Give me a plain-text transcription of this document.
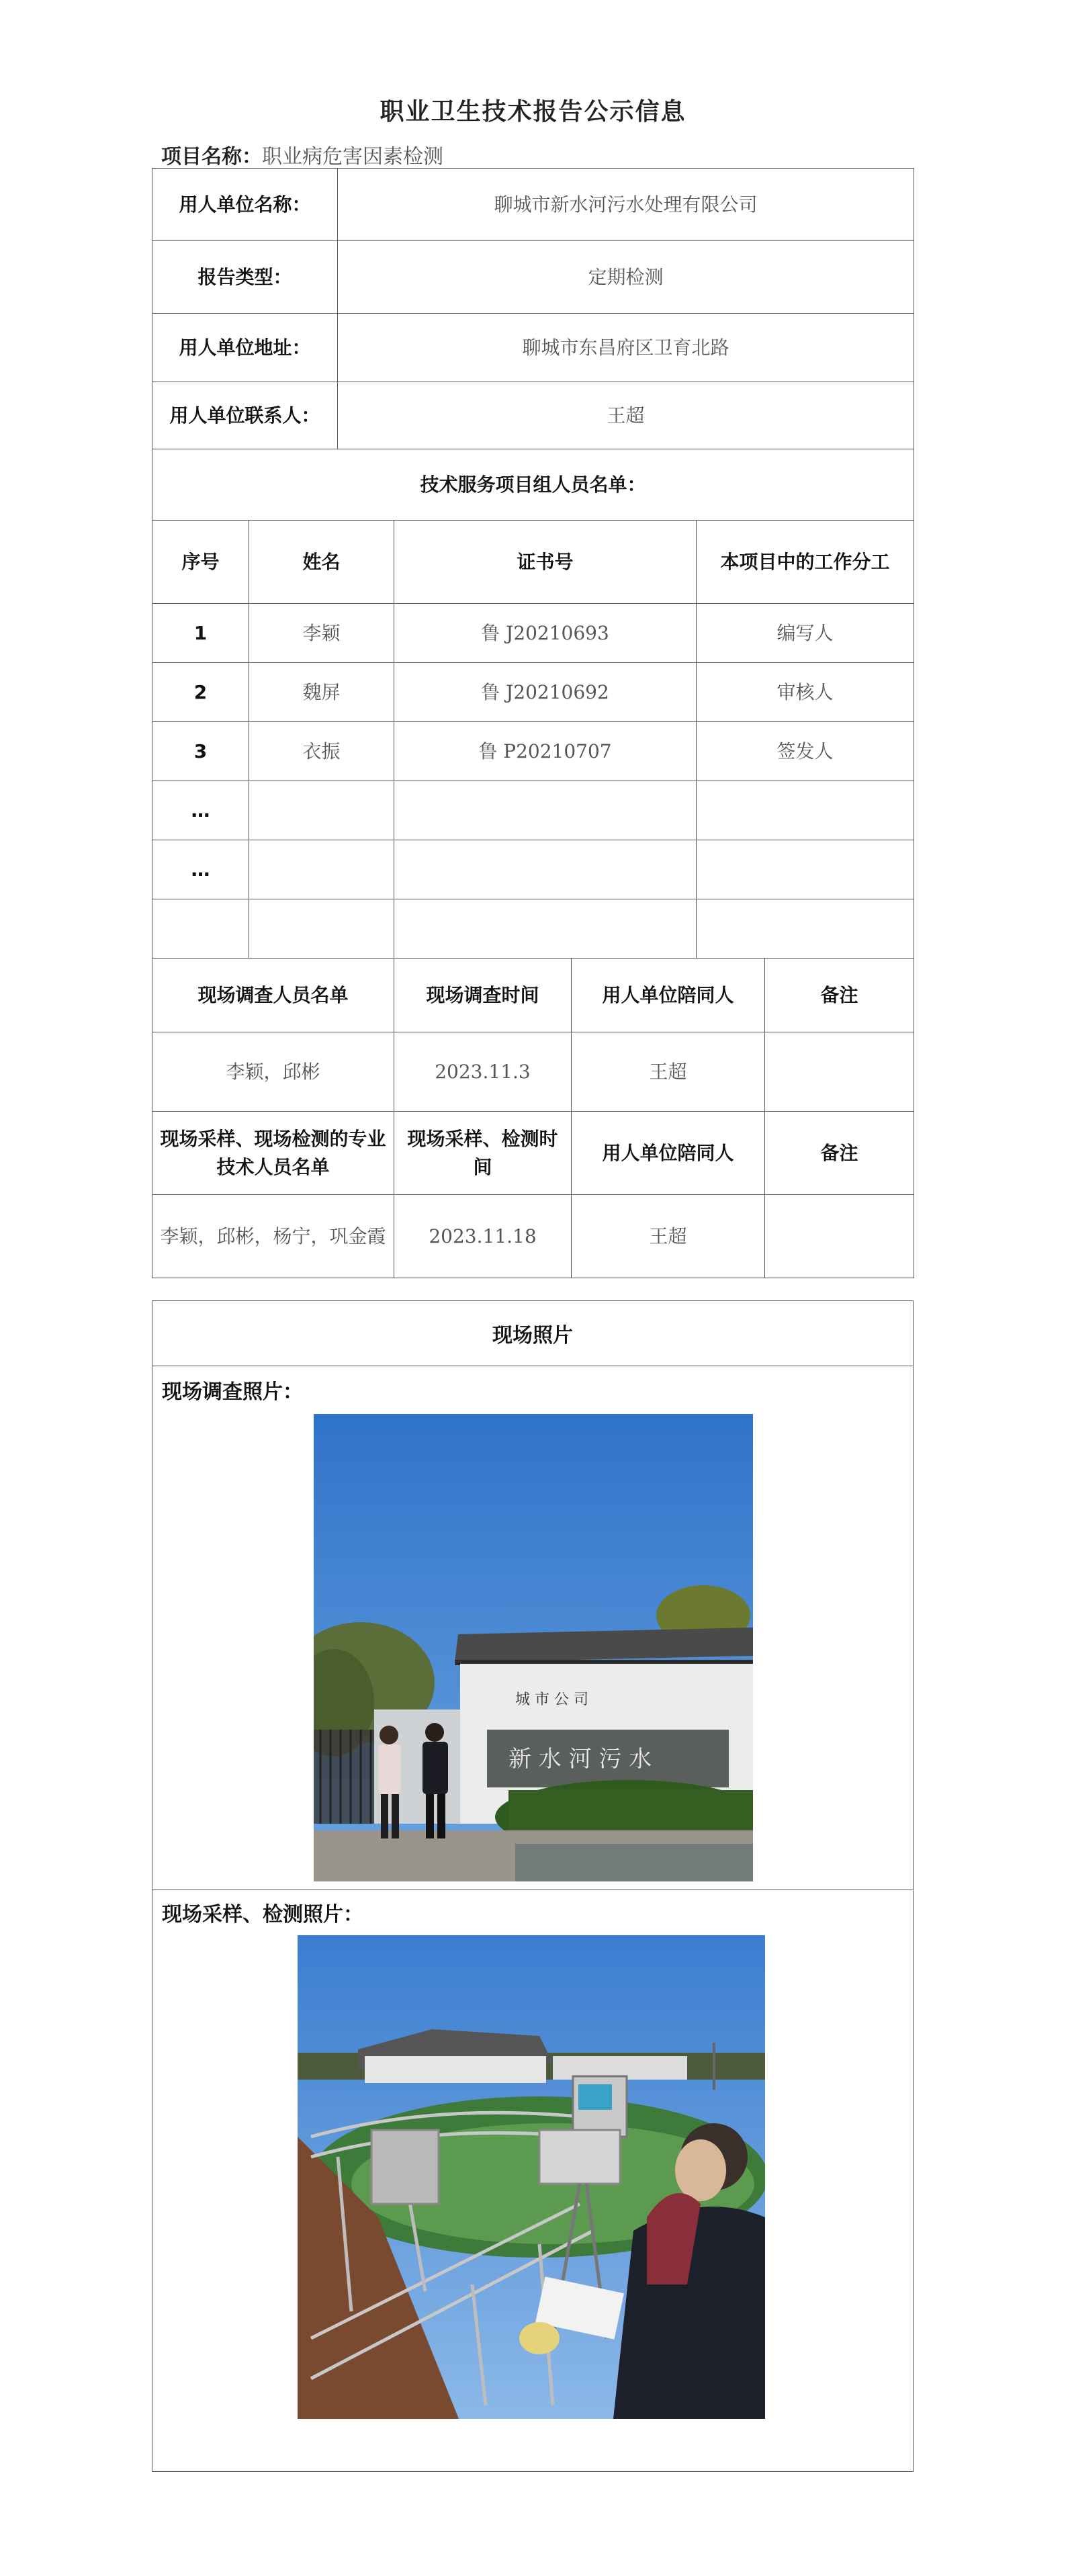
职业卫生技术报告公示信息
项目名称：职业病危害因素检测
用人单位名称：	聊城市新水河污水处理有限公司
报告类型：	定期检测
用人单位地址：	聊城市东昌府区卫育北路
用人单位联系人：	王超
技术服务项目组人员名单：			
序号	姓名	证书号	本项目中的工作分工
1	李颖	鲁 J20210693	编写人
2	魏屏	鲁 J20210692	审核人
3	衣振	鲁 P20210707	签发人
…			
…			

现场调查人员名单	现场调查时间	用人单位陪同人	备注
李颖，邱彬	2023.11.3	王超	
现场采样、现场检测的专业技术人员名单	现场采样、检测时间	用人单位陪同人	备注
李颖，邱彬，杨宁，巩金霞	2023.11.18	王超	
现场照片
现场调查照片：
新 水 河 污 水
城 市 公 司
现场采样、检测照片：
